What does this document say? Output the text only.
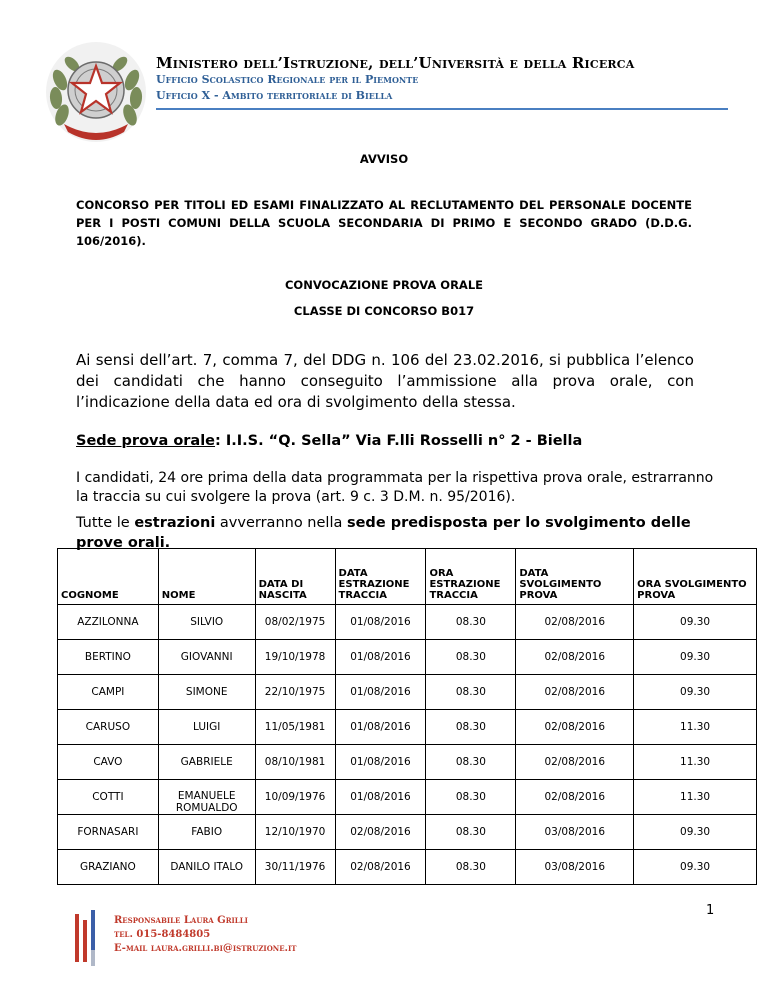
Ministero dell’Istruzione, dell’Università e della Ricerca
Ufficio Scolastico Regionale per il Piemonte
Ufficio X - Ambito territoriale di Biella
AVVISO
CONCORSO PER TITOLI ED ESAMI FINALIZZATO AL RECLUTAMENTO DEL PERSONALE DOCENTE PER I POSTI COMUNI DELLA SCUOLA SECONDARIA DI PRIMO E SECONDO GRADO (D.D.G. 106/2016).
CONVOCAZIONE PROVA ORALE
CLASSE DI CONCORSO B017
Ai sensi dell’art. 7, comma 7, del DDG n. 106 del 23.02.2016, si pubblica l’elenco dei candidati che hanno conseguito l’ammissione alla prova orale, con l’indicazione della data ed ora di svolgimento della stessa.
Sede prova orale: I.I.S. “Q. Sella” Via F.lli Rosselli n° 2 - Biella
I candidati, 24 ore prima della data programmata per la rispettiva prova orale, estrarranno la traccia su cui svolgere la prova (art. 9 c. 3 D.M. n. 95/2016).
Tutte le estrazioni avverranno nella sede predisposta per lo svolgimento delle prove orali.
COGNOME	NOME	DATA DI NASCITA	DATA ESTRAZIONE TRACCIA	ORA ESTRAZIONE TRACCIA	DATA SVOLGIMENTO PROVA	ORA SVOLGIMENTO PROVA
AZZILONNA	SILVIO	08/02/1975	01/08/2016	08.30	02/08/2016	09.30
BERTINO	GIOVANNI	19/10/1978	01/08/2016	08.30	02/08/2016	09.30
CAMPI	SIMONE	22/10/1975	01/08/2016	08.30	02/08/2016	09.30
CARUSO	LUIGI	11/05/1981	01/08/2016	08.30	02/08/2016	11.30
CAVO	GABRIELE	08/10/1981	01/08/2016	08.30	02/08/2016	11.30
COTTI	EMANUELE ROMUALDO	10/09/1976	01/08/2016	08.30	02/08/2016	11.30
FORNASARI	FABIO	12/10/1970	02/08/2016	08.30	03/08/2016	09.30
GRAZIANO	DANILO ITALO	30/11/1976	02/08/2016	08.30	03/08/2016	09.30
1
Responsabile Laura Grilli
tel. 015-8484805
E-mail laura.grilli.bi@istruzione.it
